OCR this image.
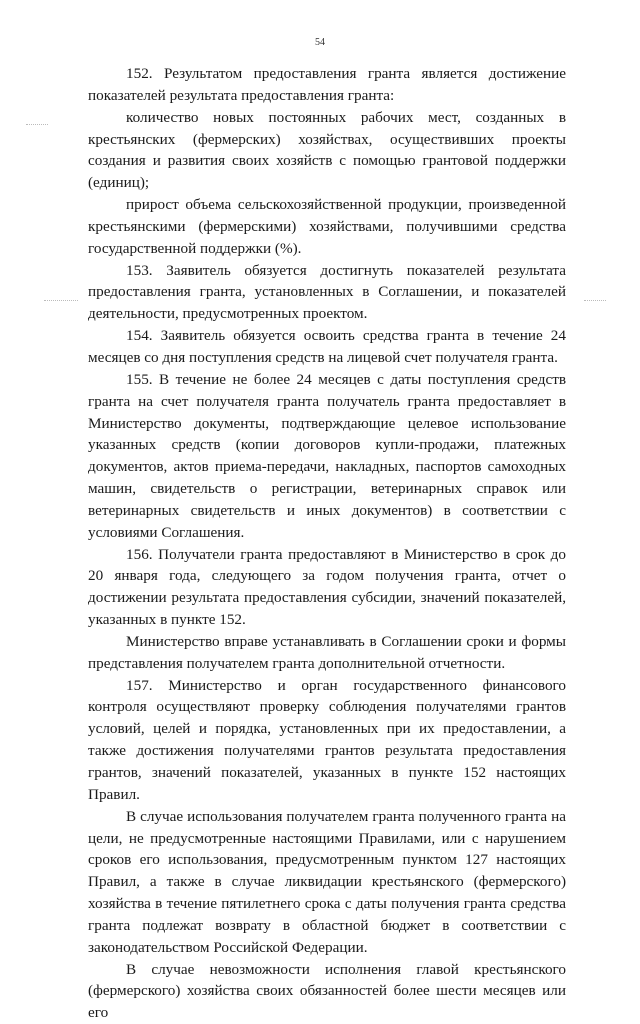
54

152. Результатом предоставления гранта является достижение показателей результата предоставления гранта:

количество новых постоянных рабочих мест, созданных в крестьянских (фермерских) хозяйствах, осуществивших проекты создания и развития своих хозяйств с помощью грантовой поддержки (единиц);

прирост объема сельскохозяйственной продукции, произведенной крестьянскими (фермерскими) хозяйствами, получившими средства государственной поддержки (%).

153. Заявитель обязуется достигнуть показателей результата предоставления гранта, установленных в Соглашении, и показателей деятельности, предусмотренных проектом.

154. Заявитель обязуется освоить средства гранта в течение 24 месяцев со дня поступления средств на лицевой счет получателя гранта.

155. В течение не более 24 месяцев с даты поступления средств гранта на счет получателя гранта получатель гранта предоставляет в Министерство документы, подтверждающие целевое использование указанных средств (копии договоров купли-продажи, платежных документов, актов приема-передачи, накладных, паспортов самоходных машин, свидетельств о регистрации, ветеринарных справок или ветеринарных свидетельств и иных документов) в соответствии с условиями Соглашения.

156. Получатели гранта предоставляют в Министерство в срок до 20 января года, следующего за годом получения гранта, отчет о достижении результата предоставления субсидии, значений показателей, указанных в пункте 152.

Министерство вправе устанавливать в Соглашении сроки и формы представления получателем гранта дополнительной отчетности.

157. Министерство и орган государственного финансового контроля осуществляют проверку соблюдения получателями грантов условий, целей и порядка, установленных при их предоставлении, а также достижения получателями грантов результата предоставления грантов, значений показателей, указанных в пункте 152 настоящих Правил.

В случае использования получателем гранта полученного гранта на цели, не предусмотренные настоящими Правилами, или с нарушением сроков его использования, предусмотренным пунктом 127 настоящих Правил, а также в случае ликвидации крестьянского (фермерского) хозяйства в течение пятилетнего срока с даты получения гранта средства гранта подлежат возврату в областной бюджет в соответствии с законодательством Российской Федерации.

В случае невозможности исполнения главой крестьянского (фермерского) хозяйства своих обязанностей более шести месяцев или его
